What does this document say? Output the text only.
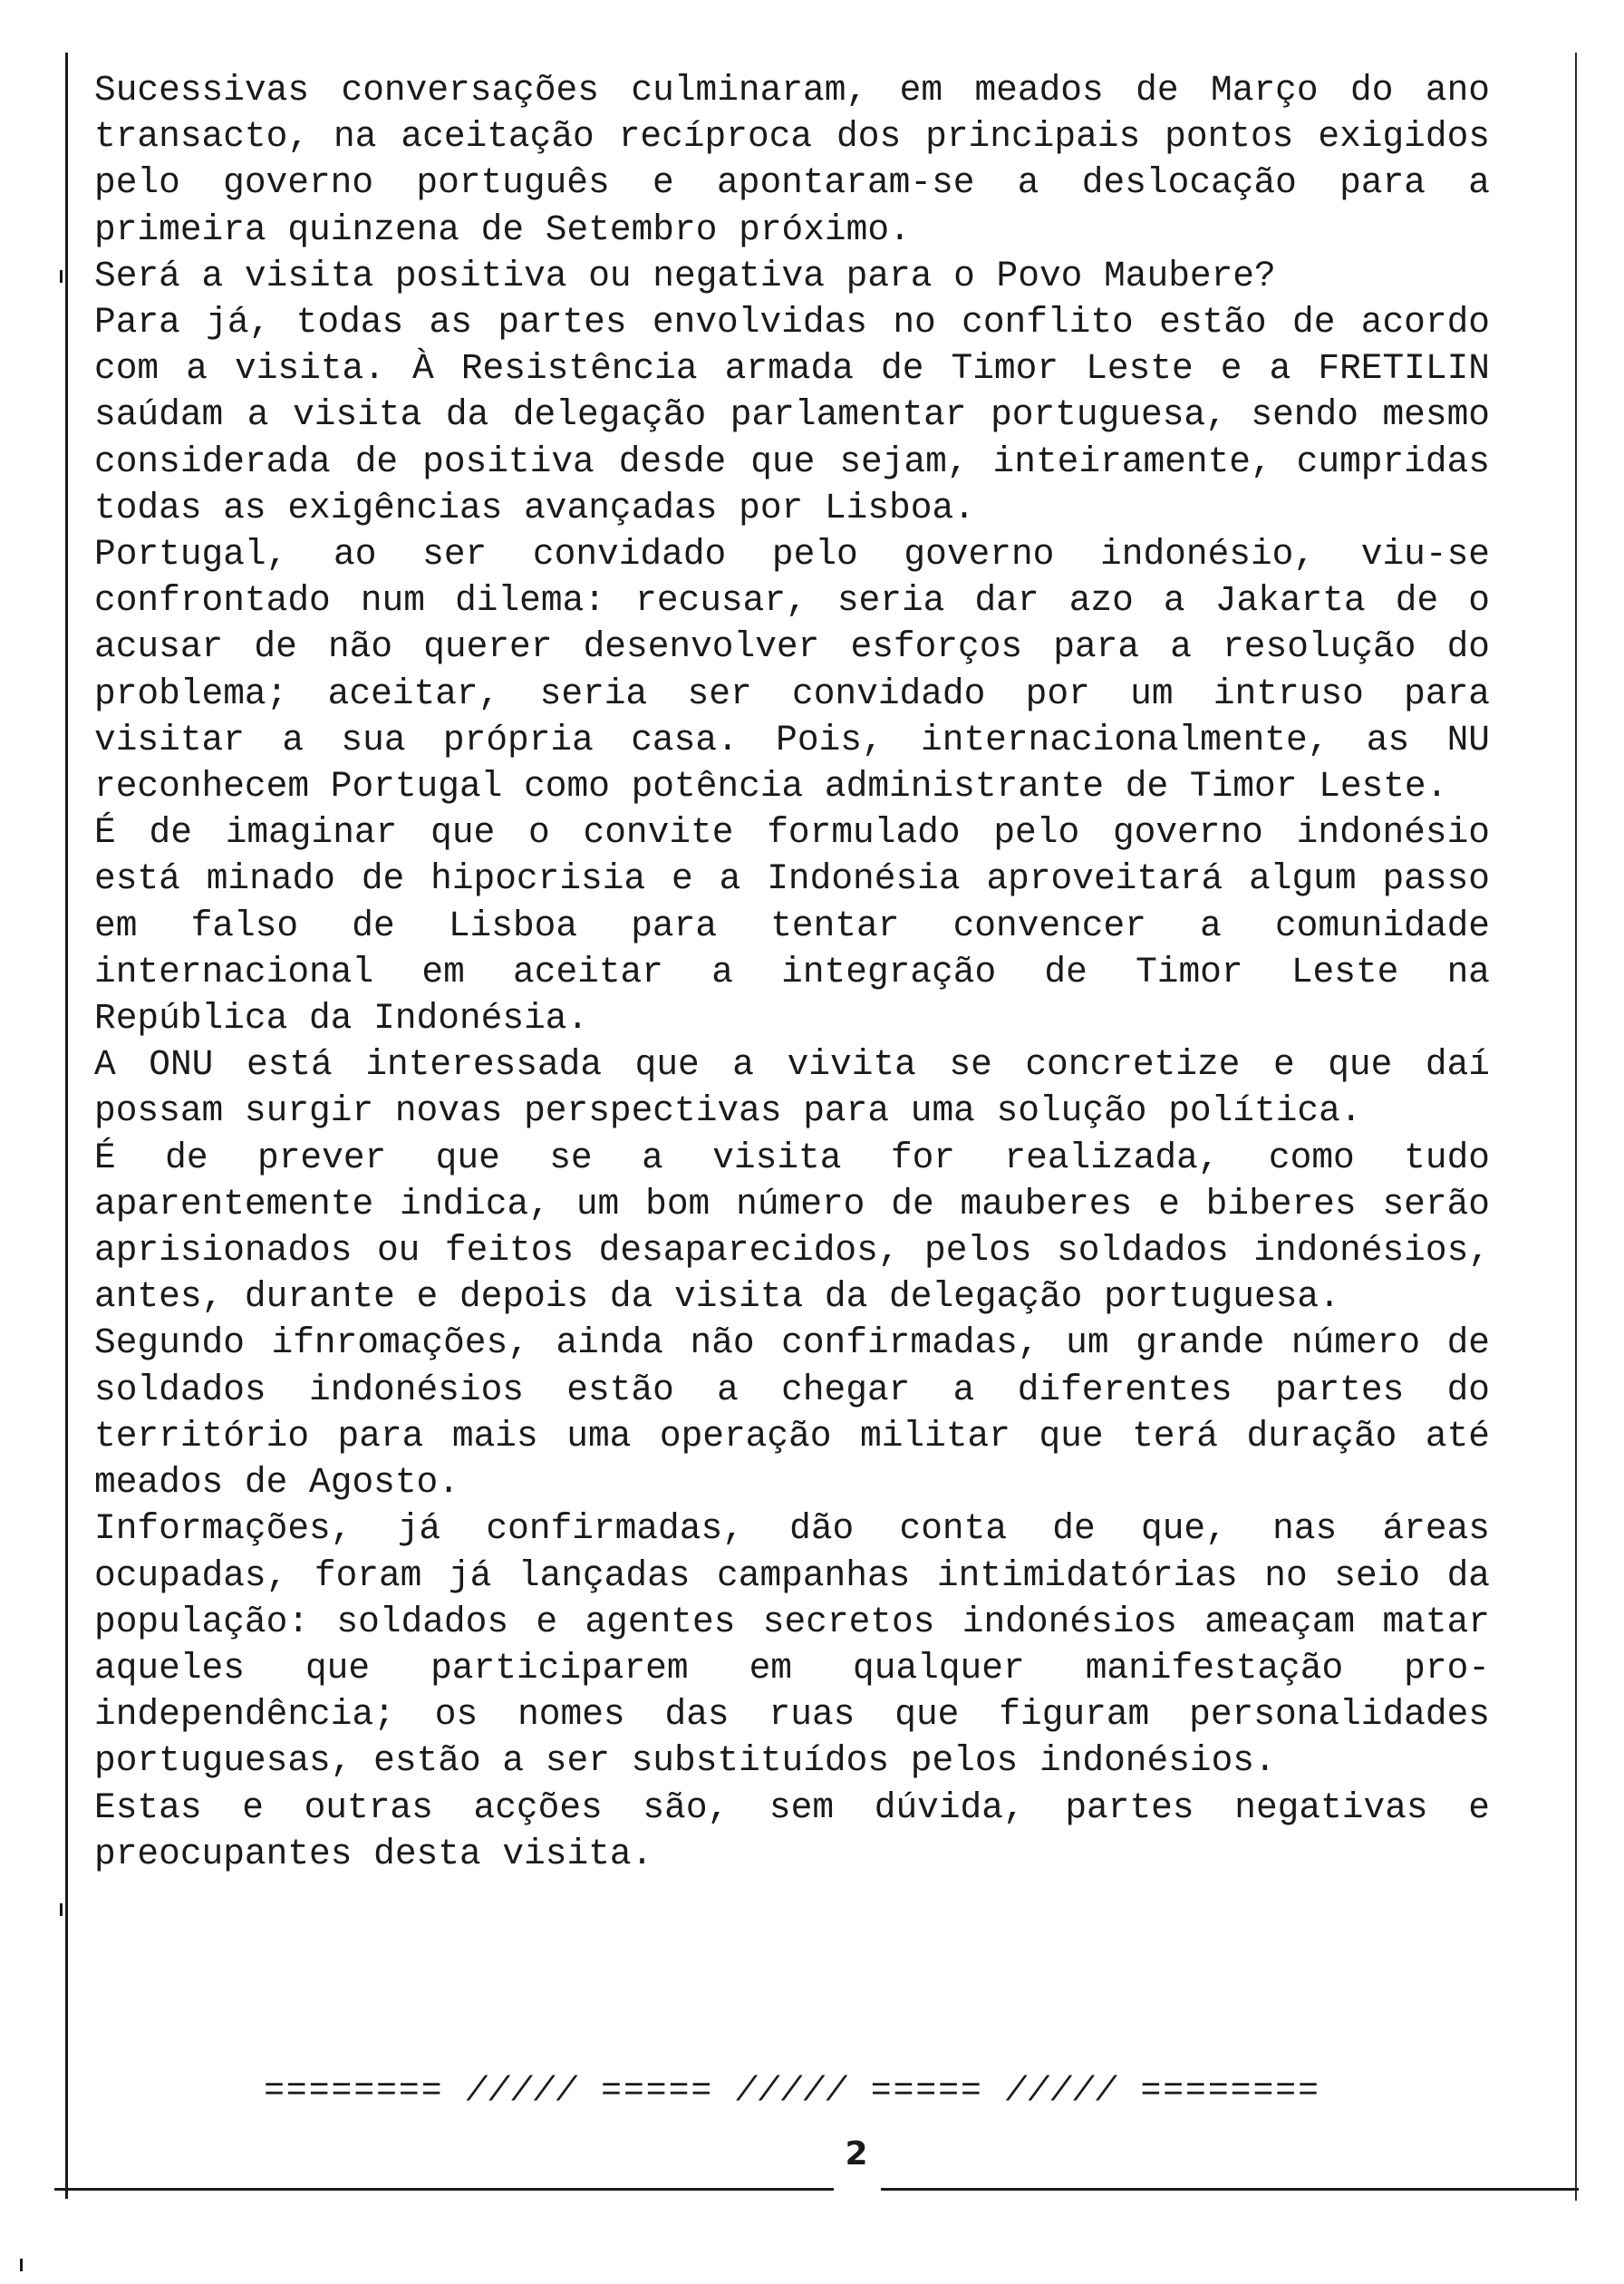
Sucessivas conversações culminaram, em meados de Março do ano transacto, na aceitação recíproca dos principais pontos exigidos pelo governo português e apontaram-se a deslocação para a primeira quinzena de Setembro próximo.

Será a visita positiva ou negativa para o Povo Maubere?

Para já, todas as partes envolvidas no conflito estão de acordo com a visita. À Resistência armada de Timor Leste e a FRETILIN saúdam a visita da delegação parlamentar portuguesa, sendo mesmo considerada de positiva desde que sejam, inteiramente, cumpridas todas as exigências avançadas por Lisboa.

Portugal, ao ser convidado pelo governo indonésio, viu-se confrontado num dilema: recusar, seria dar azo a Jakarta de o acusar de não querer desenvolver esforços para a resolução do problema; aceitar, seria ser convidado por um intruso para visitar a sua própria casa. Pois, internacionalmente, as NU reconhecem Portugal como potência administrante de Timor Leste.

É de imaginar que o convite formulado pelo governo indonésio está minado de hipocrisia e a Indonésia aproveitará algum passo em falso de Lisboa para tentar convencer a comunidade internacional em aceitar a integração de Timor Leste na República da Indonésia.

A ONU está interessada que a vivita se concretize e que daí possam surgir novas perspectivas para uma solução política.

É de prever que se a visita for realizada, como tudo aparentemente indica, um bom número de mauberes e biberes serão aprisionados ou feitos desaparecidos, pelos soldados indonésios, antes, durante e depois da visita da delegação portuguesa.

Segundo ifnromações, ainda não confirmadas, um grande número de soldados indonésios estão a chegar a diferentes partes do território para mais uma operação militar que terá duração até meados de Agosto.

Informações, já confirmadas, dão conta de que, nas áreas ocupadas, foram já lançadas campanhas intimidatórias no seio da população: soldados e agentes secretos indonésios ameaçam matar aqueles que participarem em qualquer manifestação pro-independência; os nomes das ruas que figuram personalidades portuguesas, estão a ser substituídos pelos indonésios.

Estas e outras acções são, sem dúvida, partes negativas e preocupantes desta visita.

======== ///// ===== ///// ===== ///// ========
2
